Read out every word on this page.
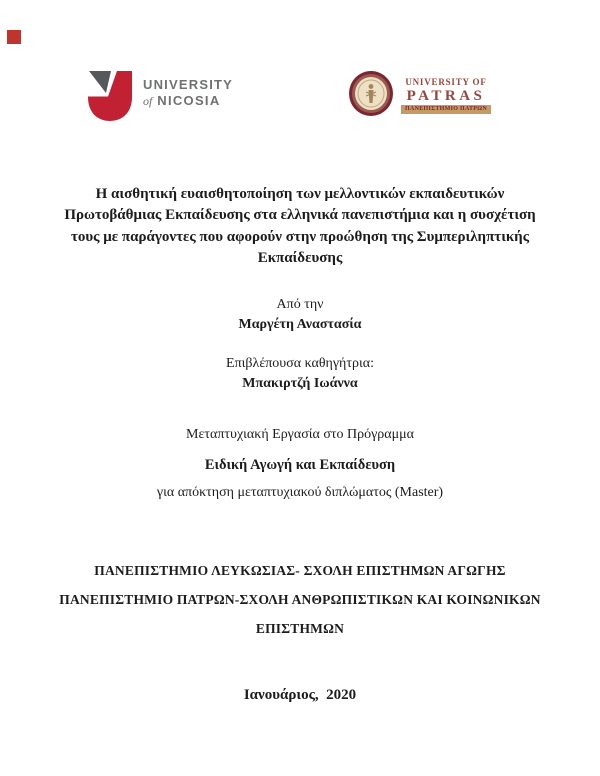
UNIVERSITY
of NICOSIA
UNIVERSITY OF
PATRAS
ΠΑΝΕΠΙΣΤΗΜΙΟ ΠΑΤΡΩΝ
Η αισθητική ευαισθητοποίηση των μελλοντικών εκπαιδευτικών
Πρωτοβάθμιας Εκπαίδευσης στα ελληνικά πανεπιστήμια και η συσχέτιση
τους με παράγοντες που αφορούν στην προώθηση της Συμπεριληπτικής
Εκπαίδευσης
Από την
Μαργέτη Αναστασία
Επιβλέπουσα καθηγήτρια:
Μπακιρτζή Ιωάννα
Μεταπτυχιακή Εργασία στο Πρόγραμμα
Ειδική Αγωγή και Εκπαίδευση
για απόκτηση μεταπτυχιακού διπλώματος (Master)
ΠΑΝΕΠΙΣΤΗΜΙΟ ΛΕΥΚΩΣΙΑΣ- ΣΧΟΛΗ ΕΠΙΣΤΗΜΩΝ ΑΓΩΓΗΣ
ΠΑΝΕΠΙΣΤΗΜΙΟ ΠΑΤΡΩΝ-ΣΧΟΛΗ ΑΝΘΡΩΠΙΣΤΙΚΩΝ ΚΑΙ ΚΟΙΝΩΝΙΚΩΝ
ΕΠΙΣΤΗΜΩΝ
Ιανουάριος,  2020
